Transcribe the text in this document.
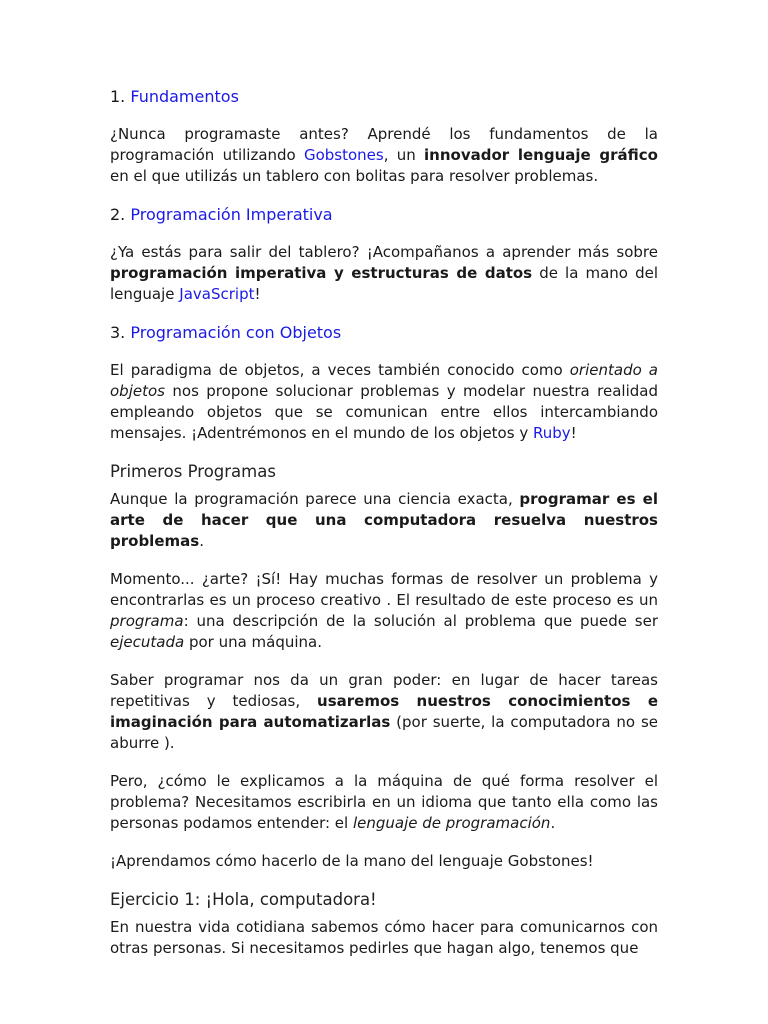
1. Fundamentos

¿Nunca programaste antes? Aprendé los fundamentos de la programación utilizando Gobstones, un innovador lenguaje gráfico en el que utilizás un tablero con bolitas para resolver problemas.

2. Programación Imperativa

¿Ya estás para salir del tablero? ¡Acompañanos a aprender más sobre programación imperativa y estructuras de datos de la mano del lenguaje JavaScript!

3. Programación con Objetos

El paradigma de objetos, a veces también conocido como orientado a objetos nos propone solucionar problemas y modelar nuestra realidad empleando objetos que se comunican entre ellos intercambiando mensajes. ¡Adentrémonos en el mundo de los objetos y Ruby!

Primeros Programas

Aunque la programación parece una ciencia exacta, programar es el arte de hacer que una computadora resuelva nuestros problemas.

Momento... ¿arte? ¡Sí! Hay muchas formas de resolver un problema y encontrarlas es un proceso creativo . El resultado de este proceso es un programa: una descripción de la solución al problema que puede ser ejecutada por una máquina.

Saber programar nos da un gran poder: en lugar de hacer tareas repetitivas y tediosas, usaremos nuestros conocimientos e imaginación para automatizarlas (por suerte, la computadora no se aburre ).

Pero, ¿cómo le explicamos a la máquina de qué forma resolver el problema? Necesitamos escribirla en un idioma que tanto ella como las personas podamos entender: el lenguaje de programación.

¡Aprendamos cómo hacerlo de la mano del lenguaje Gobstones!

Ejercicio 1: ¡Hola, computadora!

En nuestra vida cotidiana sabemos cómo hacer para comunicarnos con otras personas. Si necesitamos pedirles que hagan algo, tenemos que
